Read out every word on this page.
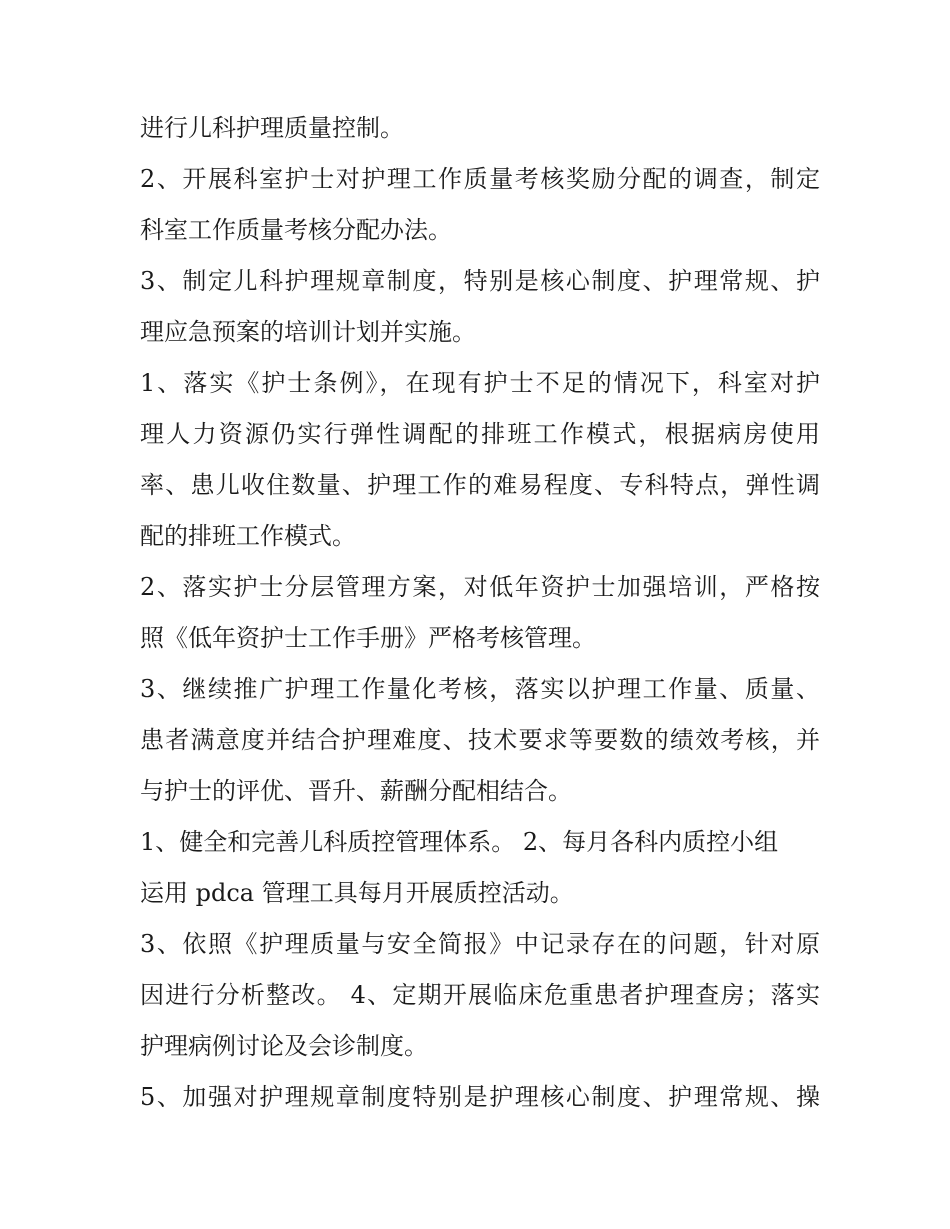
进行儿科护理质量控制。
2、开展科室护士对护理工作质量考核奖励分配的调查，制定
科室工作质量考核分配办法。
3、制定儿科护理规章制度，特别是核心制度、护理常规、护
理应急预案的培训计划并实施。
1、落实《护士条例》，在现有护士不足的情况下，科室对护
理人力资源仍实行弹性调配的排班工作模式，根据病房使用
率、患儿收住数量、护理工作的难易程度、专科特点，弹性调
配的排班工作模式。
2、落实护士分层管理方案，对低年资护士加强培训，严格按
照《低年资护士工作手册》严格考核管理。
3、继续推广护理工作量化考核，落实以护理工作量、质量、
患者满意度并结合护理难度、技术要求等要数的绩效考核，并
与护士的评优、晋升、薪酬分配相结合。
1、健全和完善儿科质控管理体系。 2、每月各科内质控小组
运用 pdca 管理工具每月开展质控活动。
3、依照《护理质量与安全简报》中记录存在的问题，针对原
因进行分析整改。 4、定期开展临床危重患者护理查房；落实
护理病例讨论及会诊制度。
5、加强对护理规章制度特别是护理核心制度、护理常规、操
